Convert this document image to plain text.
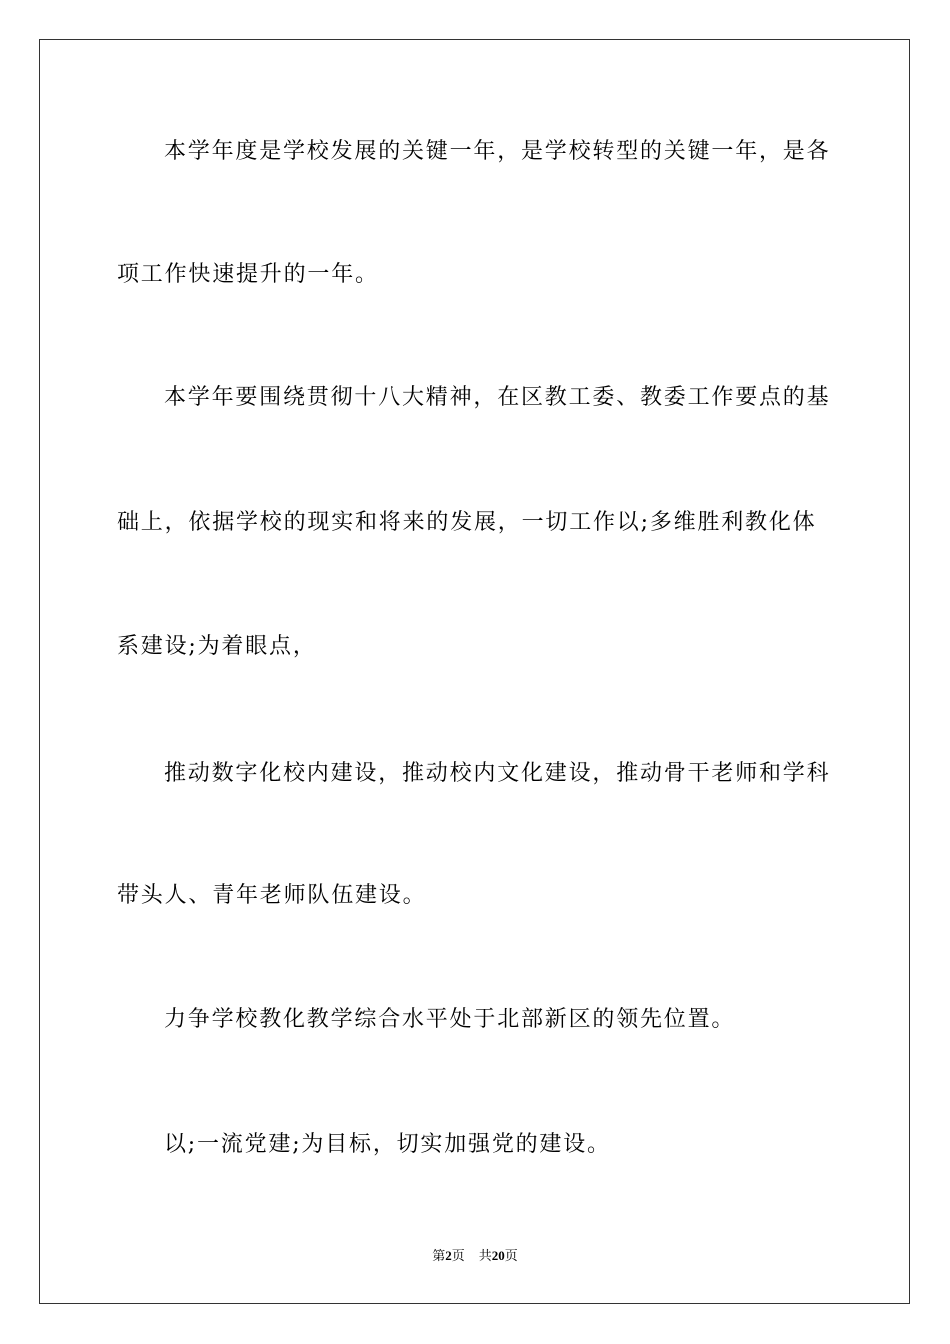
本学年度是学校发展的关键一年，是学校转型的关键一年，是各
项工作快速提升的一年。
本学年要围绕贯彻十八大精神，在区教工委、教委工作要点的基
础上，依据学校的现实和将来的发展，一切工作以;多维胜利教化体
系建设;为着眼点，
推动数字化校内建设，推动校内文化建设，推动骨干老师和学科
带头人、青年老师队伍建设。
力争学校教化教学综合水平处于北部新区的领先位置。
以;一流党建;为目标，切实加强党的建设。
第2页 共20页
